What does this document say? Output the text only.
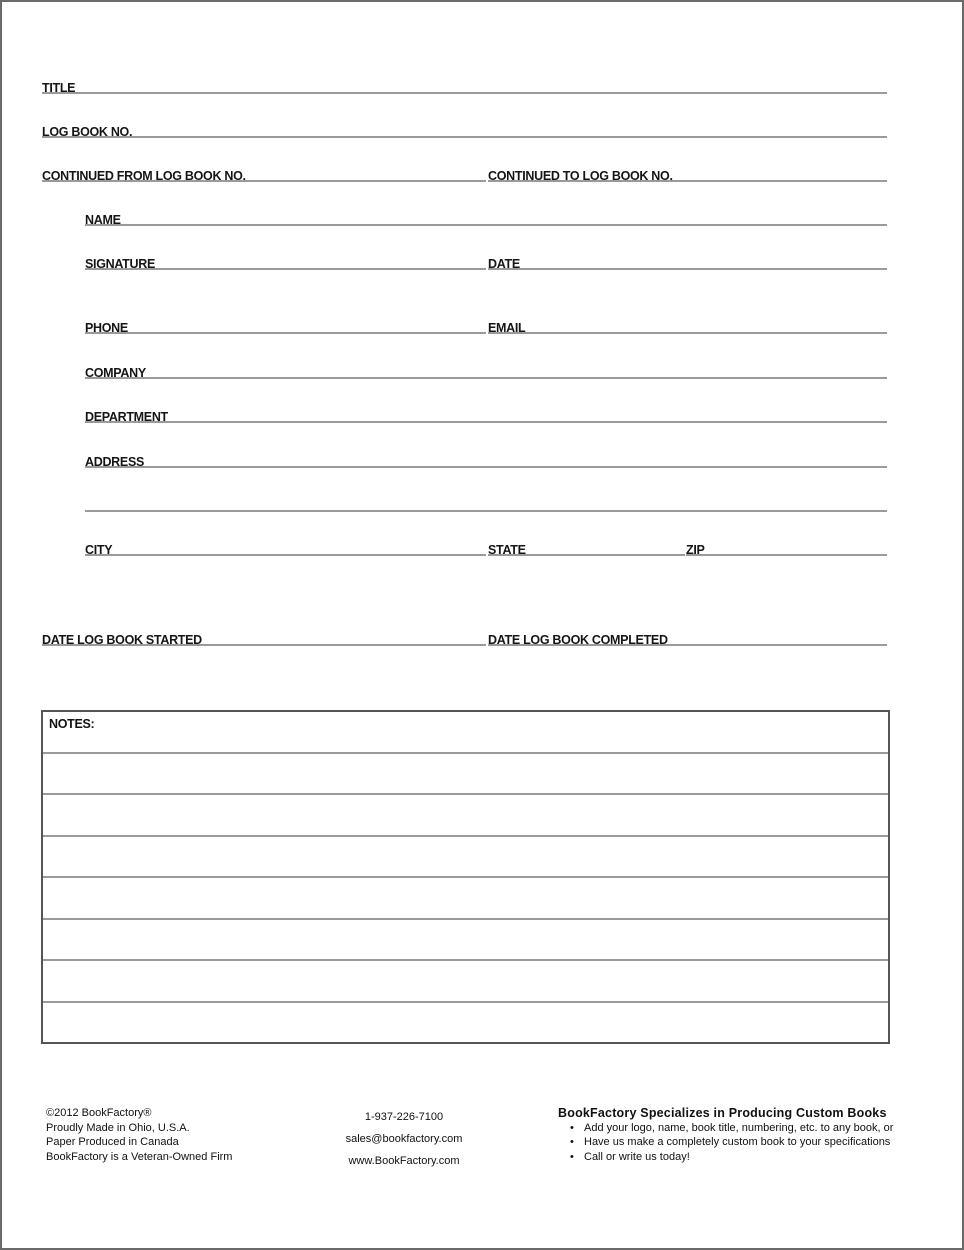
TITLE
LOG BOOK NO.
CONTINUED FROM LOG BOOK NO.	CONTINUED TO LOG BOOK NO.
NAME
SIGNATURE	DATE
PHONE	EMAIL
COMPANY
DEPARTMENT
ADDRESS
CITY	STATE	ZIP
DATE LOG BOOK STARTED	DATE LOG BOOK COMPLETED
NOTES:
©2012 BookFactory®
Proudly Made in Ohio, U.S.A.
Paper Produced in Canada
BookFactory is a Veteran-Owned Firm
1-937-226-7100
sales@bookfactory.com
www.BookFactory.com
BookFactory Specializes in Producing Custom Books
• Add your logo, name, book title, numbering, etc. to any book, or
• Have us make a completely custom book to your specifications
• Call or write us today!
